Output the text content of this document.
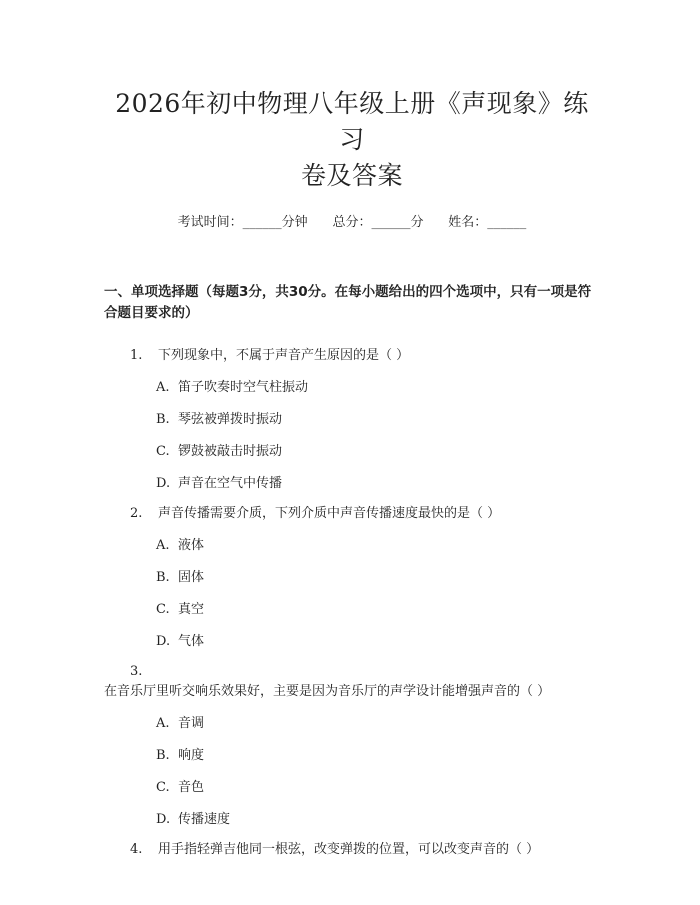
2026年初中物理八年级上册《声现象》练习
卷及答案
考试时间：______分钟 总分：______分 姓名：______
一、单项选择题（每题3分，共30分。在每小题给出的四个选项中，只有一项是符合题目要求的）
1. 下列现象中，不属于声音产生原因的是（ ）
A. 笛子吹奏时空气柱振动
B. 琴弦被弹拨时振动
C. 锣鼓被敲击时振动
D. 声音在空气中传播
2. 声音传播需要介质，下列介质中声音传播速度最快的是（ ）
A. 液体
B. 固体
C. 真空
D. 气体
3.在音乐厅里听交响乐效果好，主要是因为音乐厅的声学设计能增强声音的（ ）
A. 音调
B. 响度
C. 音色
D. 传播速度
4. 用手指轻弹吉他同一根弦，改变弹拨的位置，可以改变声音的（ ）
